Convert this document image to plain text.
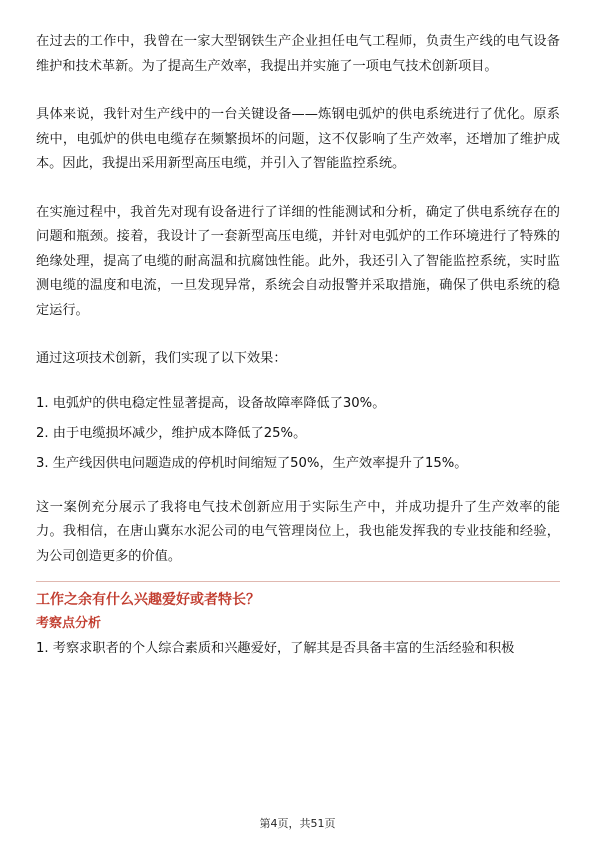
在过去的工作中，我曾在一家大型钢铁生产企业担任电气工程师，负责生产线的电气设备维护和技术革新。为了提高生产效率，我提出并实施了一项电气技术创新项目。

具体来说，我针对生产线中的一台关键设备——炼钢电弧炉的供电系统进行了优化。原系统中，电弧炉的供电电缆存在频繁损坏的问题，这不仅影响了生产效率，还增加了维护成本。因此，我提出采用新型高压电缆，并引入了智能监控系统。

在实施过程中，我首先对现有设备进行了详细的性能测试和分析，确定了供电系统存在的问题和瓶颈。接着，我设计了一套新型高压电缆，并针对电弧炉的工作环境进行了特殊的绝缘处理，提高了电缆的耐高温和抗腐蚀性能。此外，我还引入了智能监控系统，实时监测电缆的温度和电流，一旦发现异常，系统会自动报警并采取措施，确保了供电系统的稳定运行。

通过这项技术创新，我们实现了以下效果：

1. 电弧炉的供电稳定性显著提高，设备故障率降低了30%。
2. 由于电缆损坏减少，维护成本降低了25%。
3. 生产线因供电问题造成的停机时间缩短了50%，生产效率提升了15%。

这一案例充分展示了我将电气技术创新应用于实际生产中，并成功提升了生产效率的能力。我相信，在唐山冀东水泥公司的电气管理岗位上，我也能发挥我的专业技能和经验，为公司创造更多的价值。

工作之余有什么兴趣爱好或者特长？
考察点分析

1. 考察求职者的个人综合素质和兴趣爱好，了解其是否具备丰富的生活经验和积极

第4页，共51页
